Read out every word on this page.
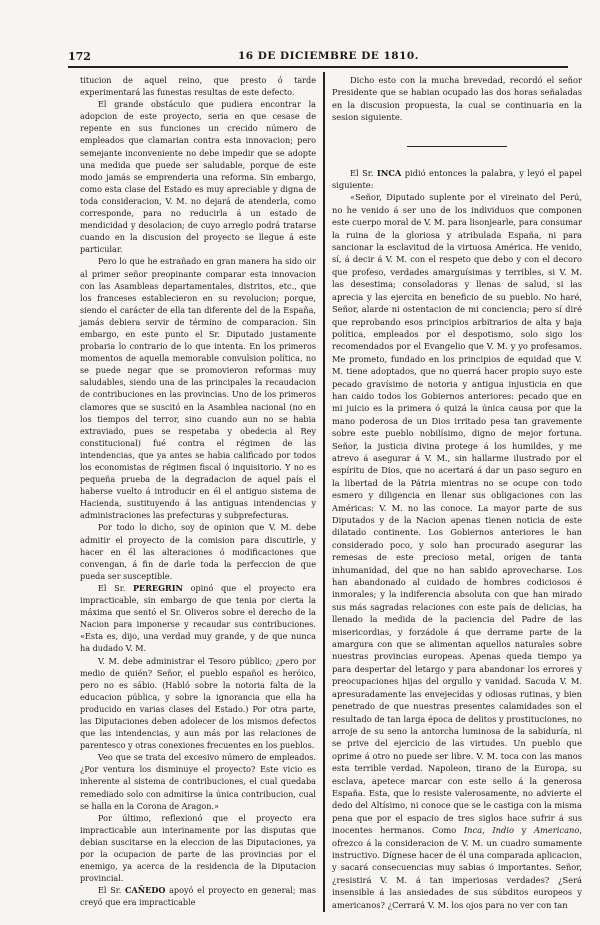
172	16 DE DICIEMBRE DE 1810.

titucion de aquel reino, que presto ó tarde experimentará las funestas resultas de este defecto.

El grande obstáculo que pudiera encontrar la adopcion de este proyecto, seria en que cesase de repente en sus funciones un crecido número de empleados que clamarian contra esta innovacion; pero semejante inconveniente no debe impedir que se adopte una medida que puede ser saludable, porque de este modo jamás se emprenderia una reforma. Sin embargo, como esta clase del Estado es muy apreciable y digna de toda consideracion, V. M. no dejará de atenderla, como corresponde, para no reducirla á un estado de mendicidad y desolacion; de cuyo arreglo podrá tratarse cuando en la discusion del proyecto se llegue á este particular.

Pero lo que he estrañado en gran manera ha sido oir al primer señor preopinante comparar esta innovacion con las Asambleas departamentales, distritos, etc., que los franceses establecieron en su revolucion; porque, siendo el carácter de ella tan diferente del de la España, jamás debiera servir de término de comparacion. Sin embargo, en este punto el Sr. Diputado justamente probaria lo contrario de lo que intenta. En los primeros momentos de aquella memorable convulsion política, no se puede negar que se promovieron reformas muy saludables, siendo una de las principales la recaudacion de contribuciones en las provincias. Uno de los primeros clamores que se suscitó en la Asamblea nacional (no en los tiempos del terror, sino cuando aun no se habia extraviado, pues se respetaba y obedecia al Rey constitucional) fué contra el régimen de las intendencias, que ya antes se habia calificado por todos los economistas de régimen fiscal ó inquisitorio. Y no es pequeña prueba de la degradacion de aquel país el haberse vuelto á introducir en él el antiguo sistema de Hacienda, sustituyendo á las antiguas intendencias y administraciones las prefecturas y subprefecturas.

Por todo lo dicho, soy de opinion que V. M. debe admitir el proyecto de la comision para discutirle, y hacer en él las alteraciones ó modificaciones que convengan, á fin de darle toda la perfeccion de que pueda ser susceptible.

El Sr. PEREGRIN opinó que el proyecto era impracticable, sin embargo de que tenia por cierta la máxima que sentó el Sr. Oliveros sobre el derecho de la Nacion para imponerse y recaudar sus contribuciones. «Esta es, dijo, una verdad muy grande, y de que nunca ha dudado V. M.

V. M. debe administrar el Tesoro público; ¿pero por medio de quién? Señor, el pueblo español es heróico, pero no es sábio. (Habló sobre la notoria falta de la educacion pública, y sobre la ignorancia que ella ha producido en varias clases del Estado.) Por otra parte, las Diputaciones deben adolecer de los mismos defectos que las intendencias, y aun más por las relaciones de parentesco y otras conexiones frecuentes en los pueblos.

Veo que se trata del excesivo número de empleados. ¿Por ventura los disminuye el proyecto? Este vicio es inherente al sistema de contribuciones, el cual quedaba remediado solo con admitirse la única contribucion, cual se halla en la Corona de Aragon.»

Por último, reflexionó que el proyecto era impracticable aun interinamente por las disputas que debian suscitarse en la eleccion de las Diputaciones, ya por la ocupacion de parte de las provincias por el enemigo, ya acerca de la residencia de la Diputacion provincial.

El Sr. CAÑEDO apoyó el proyecto en general; mas creyó que era impracticable

Dicho esto con la mucha brevedad, recordó el señor Presidente que se habian ocupado las dos horas señaladas en la discusion propuesta, la cual se continuaria en la sesion siguiente.

El Sr. INCA pidió entonces la palabra, y leyó el papel siguiente:

«Señor, Diputado suplente por el vireinato del Perú, no he venido á ser uno de los individuos que componen este cuerpo moral de V. M. para lisonjearle, para consumar la ruina de la gloriosa y atribulada España, ni para sancionar la esclavitud de la virtuosa América. He venido, sí, á decir á V. M. con el respeto que debo y con el decoro que profeso, verdades amarguísimas y terribles, si V. M. las desestima; consoladoras y llenas de salud, si las aprecia y las ejercita en beneficio de su pueblo. No haré, Señor, alarde ni ostentacion de mi conciencia; pero sí diré que reprobando esos principios arbitrarios de alta y baja política, empleados por el despotismo, solo sigo los recomendados por el Evangelio que V. M. y yo profesamos. Me prometo, fundado en los principios de equidad que V. M. tiene adoptados, que no querrá hacer propio suyo este pecado gravísimo de notoria y antigua injusticia en que han caido todos los Gobiernos anteriores: pecado que en mi juicio es la primera ó quizá la única causa por que la mano poderosa de un Dios irritado pesa tan gravemente sobre este pueblo nobilísimo, digno de mejor fortuna. Señor, la justicia divina protege á los humildes, y me atrevo á asegurar á V. M., sin hallarme ilustrado por el espíritu de Dios, que no acertará á dar un paso seguro en la libertad de la Pátria mientras no se ocupe con todo esmero y diligencia en llenar sus obligaciones con las Américas: V. M. no las conoce. La mayor parte de sus Diputados y de la Nacion apenas tienen noticia de este dilatado continente. Los Gobiernos anteriores le han considerado poco, y solo han procurado asegurar las remesas de este precioso metal, orígen de tanta inhumanidad, del que no han sabido aprovecharse. Los han abandonado al cuidado de hombres codiciosos é inmorales; y la indiferencia absoluta con que han mirado sus más sagradas relaciones con este país de delicias, ha llenado la medida de la paciencia del Padre de las misericordias, y forzádole á que derrame parte de la amargura con que se alimentan aquellos naturales sobre nuestras provincias europeas. Apenas queda tiempo ya para despertar del letargo y para abandonar los errores y preocupaciones hijas del orgullo y vanidad. Sacuda V. M. apresuradamente las envejecidas y odiosas rutinas, y bien penetrado de que nuestras presentes calamidades son el resultado de tan larga época de delitos y prostituciones, no arroje de su seno la antorcha luminosa de la sabiduría, ni se prive del ejercicio de las virtudes. Un pueblo que oprime á otro no puede ser libre. V. M. toca con las manos esta terrible verdad. Napoleon, tirano de la Europa, su esclava, apetece marcar con este sello á la generosa España. Esta, que lo resiste valerosamente, no advierte el dedo del Altísimo, ni conoce que se le castiga con la misma pena que por el espacio de tres siglos hace sufrir á sus inocentes hermanos. Como Inca, Indio y Americano, ofrezco á la consideracion de V. M. un cuadro sumamente instructivo. Dígnese hacer de él una comparada aplicacion, y sacará consecuencias muy sabias ó importantes. Señor, ¿resistirá V. M. á tan imperiosas verdades? ¿Será insensible á las ansiedades de sus súbditos europeos y americanos? ¿Cerrará V. M. los ojos para no ver con tan
